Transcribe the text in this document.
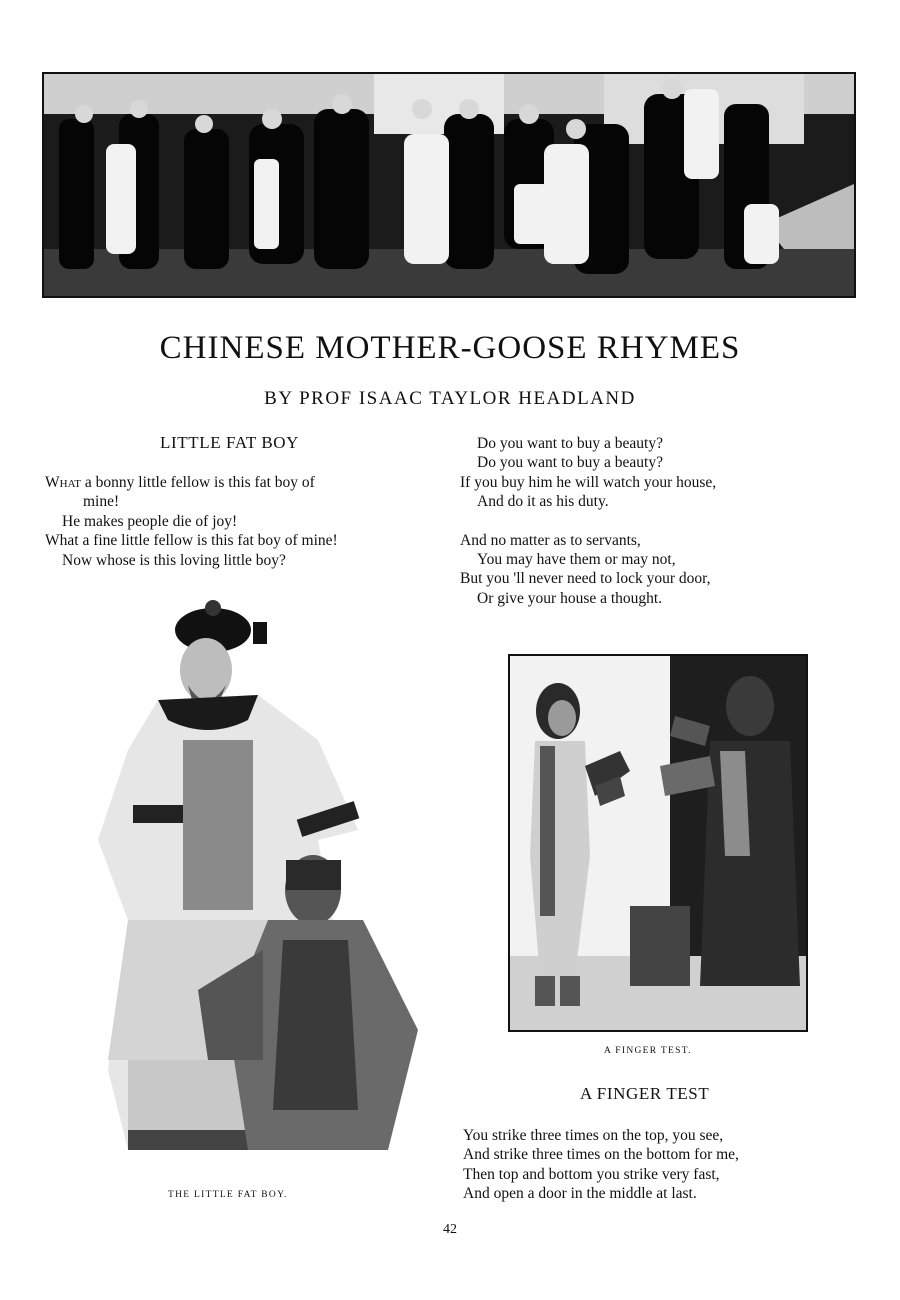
CHINESE MOTHER-GOOSE RHYMES
BY PROF ISAAC TAYLOR HEADLAND
LITTLE FAT BOY
What a bonny little fellow is this fat boy of
mine!
He makes people die of joy!
What a fine little fellow is this fat boy of mine!
Now whose is this loving little boy?
Do you want to buy a beauty?
Do you want to buy a beauty?
If you buy him he will watch your house,
And do it as his duty.
And no matter as to servants,
You may have them or may not,
But you 'll never need to lock your door,
Or give your house a thought.
THE LITTLE FAT BOY.
A FINGER TEST.
A FINGER TEST
You strike three times on the top, you see,
And strike three times on the bottom for me,
Then top and bottom you strike very fast,
And open a door in the middle at last.
42
